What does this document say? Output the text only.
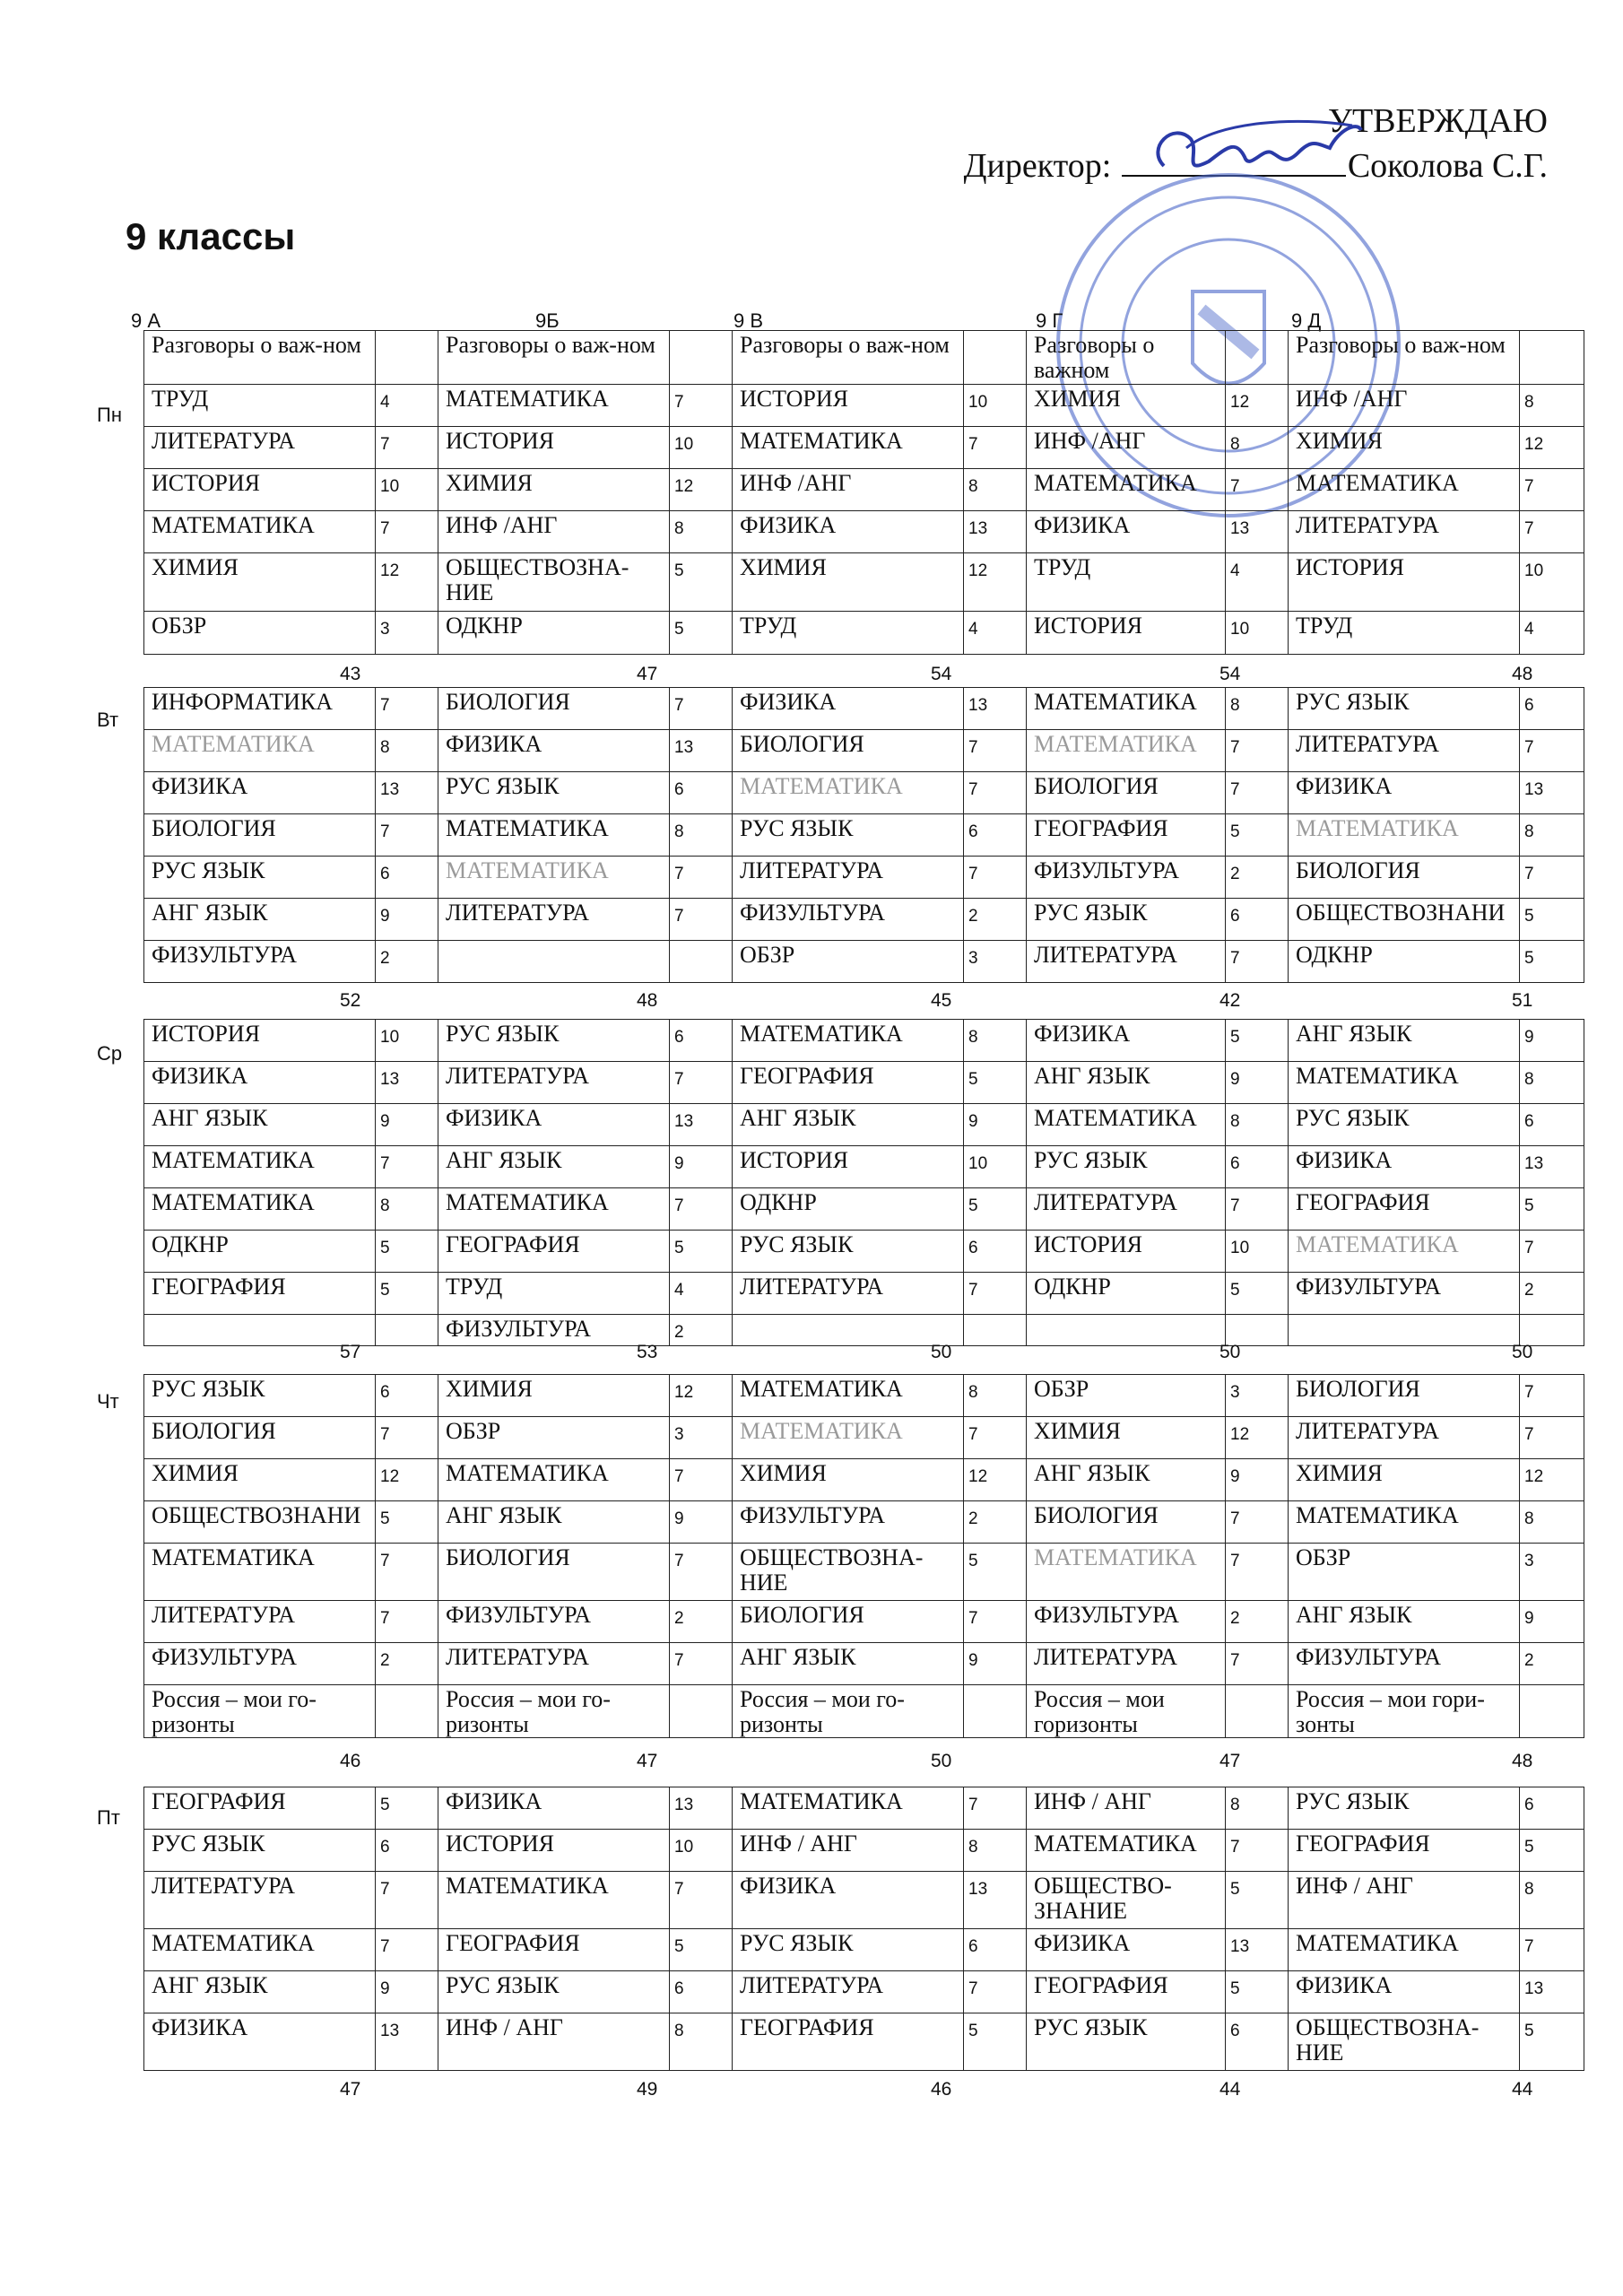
УТВЕРЖДАЮ
Директор:	Соколова С.Г.
9 классы
9 А	9Б	9 В	9 Г	9 Д
Пн
Разговоры о важ-ном		Разговоры о важ-ном		Разговоры о важ-ном		Разговоры о важном		Разговоры о важ-ном	
ТРУД	4	МАТЕМАТИКА	7	ИСТОРИЯ	10	ХИМИЯ	12	ИНФ /АНГ	8
ЛИТЕРАТУРА	7	ИСТОРИЯ	10	МАТЕМАТИКА	7	ИНФ /АНГ	8	ХИМИЯ	12
ИСТОРИЯ	10	ХИМИЯ	12	ИНФ /АНГ	8	МАТЕМАТИКА	7	МАТЕМАТИКА	7
МАТЕМАТИКА	7	ИНФ /АНГ	8	ФИЗИКА	13	ФИЗИКА	13	ЛИТЕРАТУРА	7
ХИМИЯ	12	ОБЩЕСТВОЗНА-НИЕ	5	ХИМИЯ	12	ТРУД	4	ИСТОРИЯ	10
ОБЗР	3	ОДКНР	5	ТРУД	4	ИСТОРИЯ	10	ТРУД	4
43	47	54	54	48
Вт
ИНФОРМАТИКА	7	БИОЛОГИЯ	7	ФИЗИКА	13	МАТЕМАТИКА	8	РУС ЯЗЫК	6
МАТЕМАТИКА	8	ФИЗИКА	13	БИОЛОГИЯ	7	МАТЕМАТИКА	7	ЛИТЕРАТУРА	7
ФИЗИКА	13	РУС ЯЗЫК	6	МАТЕМАТИКА	7	БИОЛОГИЯ	7	ФИЗИКА	13
БИОЛОГИЯ	7	МАТЕМАТИКА	8	РУС ЯЗЫК	6	ГЕОГРАФИЯ	5	МАТЕМАТИКА	8
РУС ЯЗЫК	6	МАТЕМАТИКА	7	ЛИТЕРАТУРА	7	ФИЗУЛЬТУРА	2	БИОЛОГИЯ	7
АНГ ЯЗЫК	9	ЛИТЕРАТУРА	7	ФИЗУЛЬТУРА	2	РУС ЯЗЫК	6	ОБЩЕСТВОЗНАНИ	5
ФИЗУЛЬТУРА	2			ОБЗР	3	ЛИТЕРАТУРА	7	ОДКНР	5
52	48	45	42	51
Ср
ИСТОРИЯ	10	РУС ЯЗЫК	6	МАТЕМАТИКА	8	ФИЗИКА	5	АНГ ЯЗЫК	9
ФИЗИКА	13	ЛИТЕРАТУРА	7	ГЕОГРАФИЯ	5	АНГ ЯЗЫК	9	МАТЕМАТИКА	8
АНГ ЯЗЫК	9	ФИЗИКА	13	АНГ ЯЗЫК	9	МАТЕМАТИКА	8	РУС ЯЗЫК	6
МАТЕМАТИКА	7	АНГ ЯЗЫК	9	ИСТОРИЯ	10	РУС ЯЗЫК	6	ФИЗИКА	13
МАТЕМАТИКА	8	МАТЕМАТИКА	7	ОДКНР	5	ЛИТЕРАТУРА	7	ГЕОГРАФИЯ	5
ОДКНР	5	ГЕОГРАФИЯ	5	РУС ЯЗЫК	6	ИСТОРИЯ	10	МАТЕМАТИКА	7
ГЕОГРАФИЯ	5	ТРУД	4	ЛИТЕРАТУРА	7	ОДКНР	5	ФИЗУЛЬТУРА	2
		ФИЗУЛЬТУРА	2						
57	53	50	50	50
Чт РУС ЯЗЫК	6	ХИМИЯ	12	МАТЕМАТИКА	8	ОБЗР	3	БИОЛОГИЯ	7
БИОЛОГИЯ	7	ОБЗР	3	МАТЕМАТИКА	7	ХИМИЯ	12	ЛИТЕРАТУРА	7
ХИМИЯ	12	МАТЕМАТИКА	7	ХИМИЯ	12	АНГ ЯЗЫК	9	ХИМИЯ	12
ОБЩЕСТВОЗНАНИ	5	АНГ ЯЗЫК	9	ФИЗУЛЬТУРА	2	БИОЛОГИЯ	7	МАТЕМАТИКА	8
МАТЕМАТИКА	7	БИОЛОГИЯ	7	ОБЩЕСТВОЗНА-НИЕ	5	МАТЕМАТИКА	7	ОБЗР	3
ЛИТЕРАТУРА	7	ФИЗУЛЬТУРА	2	БИОЛОГИЯ	7	ФИЗУЛЬТУРА	2	АНГ ЯЗЫК	9
ФИЗУЛЬТУРА	2	ЛИТЕРАТУРА	7	АНГ ЯЗЫК	9	ЛИТЕРАТУРА	7	ФИЗУЛЬТУРА	2
Россия – мои го-ризонты		Россия – мои го-ризонты		Россия – мои го-ризонты		Россия – мои горизонты		Россия – мои гори-зонты	
46	47	50	47	48
Пт
ГЕОГРАФИЯ	5	ФИЗИКА	13	МАТЕМАТИКА	7	ИНФ / АНГ	8	РУС ЯЗЫК	6
РУС ЯЗЫК	6	ИСТОРИЯ	10	ИНФ / АНГ	8	МАТЕМАТИКА	7	ГЕОГРАФИЯ	5
ЛИТЕРАТУРА	7	МАТЕМАТИКА	7	ФИЗИКА	13	ОБЩЕСТВО-ЗНАНИЕ	5	ИНФ / АНГ	8
МАТЕМАТИКА	7	ГЕОГРАФИЯ	5	РУС ЯЗЫК	6	ФИЗИКА	13	МАТЕМАТИКА	7
АНГ ЯЗЫК	9	РУС ЯЗЫК	6	ЛИТЕРАТУРА	7	ГЕОГРАФИЯ	5	ФИЗИКА	13
ФИЗИКА	13	ИНФ / АНГ	8	ГЕОГРАФИЯ	5	РУС ЯЗЫК	6	ОБЩЕСТВОЗНА-НИЕ	5
47	49	46	44	44
